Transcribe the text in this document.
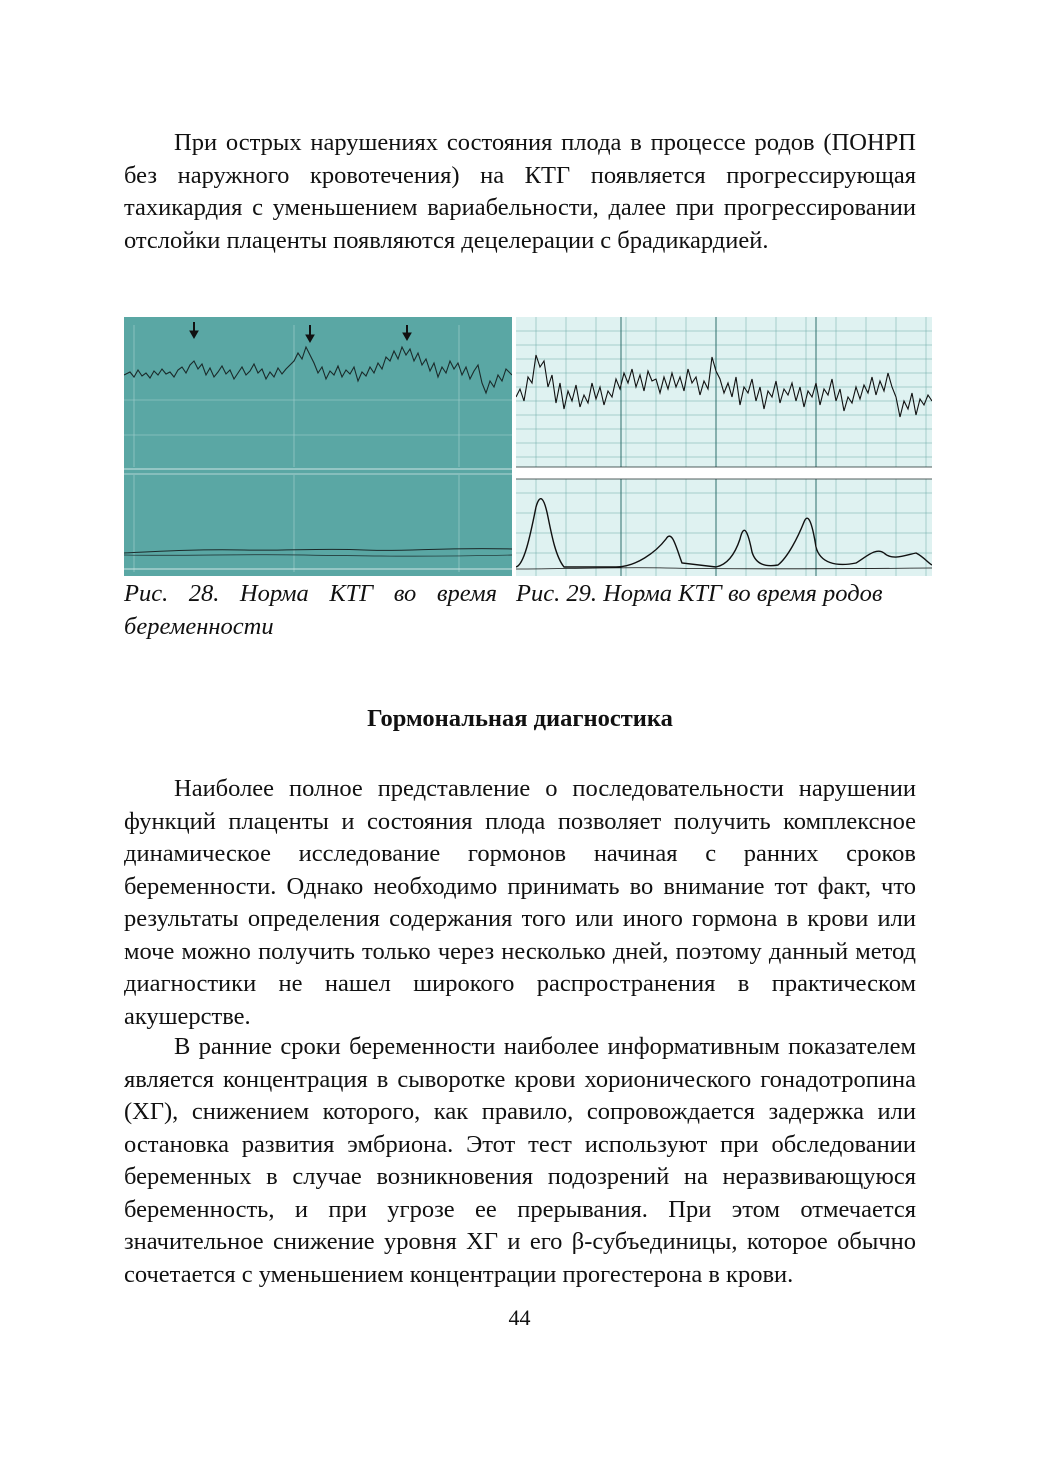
При острых нарушениях состояния плода в процессе родов (ПОНРП без наружного кровотечения) на КТГ появляется прогрессирующая тахикардия с уменьшением вариабельности, далее при прогрессировании отслойки плаценты появляются децелерации с брадикардией.

Рис. 28. Норма КТГ во время беременности

Рис. 29. Норма КТГ во время родов

Гормональная диагностика

Наиболее полное представление о последовательности нарушении функций плаценты и состояния плода позволяет получить комплексное динамическое исследование гормонов начиная с ранних сроков беременности. Однако необходимо принимать во внимание тот факт, что результаты определения содержания того или иного гормона в крови или моче можно получить только через несколько дней, поэтому данный метод диагностики не нашел широкого распространения в практическом акушерстве.

В ранние сроки беременности наиболее информативным показателем является концентрация в сыворотке крови хорионического гонадотропина (ХГ), снижением которого, как правило, сопровождается задержка или остановка развития эмбриона. Этот тест используют при обследовании беременных в случае возникновения подозрений на неразвивающуюся беременность, и при угрозе ее прерывания. При этом отмечается значительное снижение уровня ХГ и его β-субъединицы, которое обычно сочетается с уменьшением концентрации прогестерона в крови.

44
